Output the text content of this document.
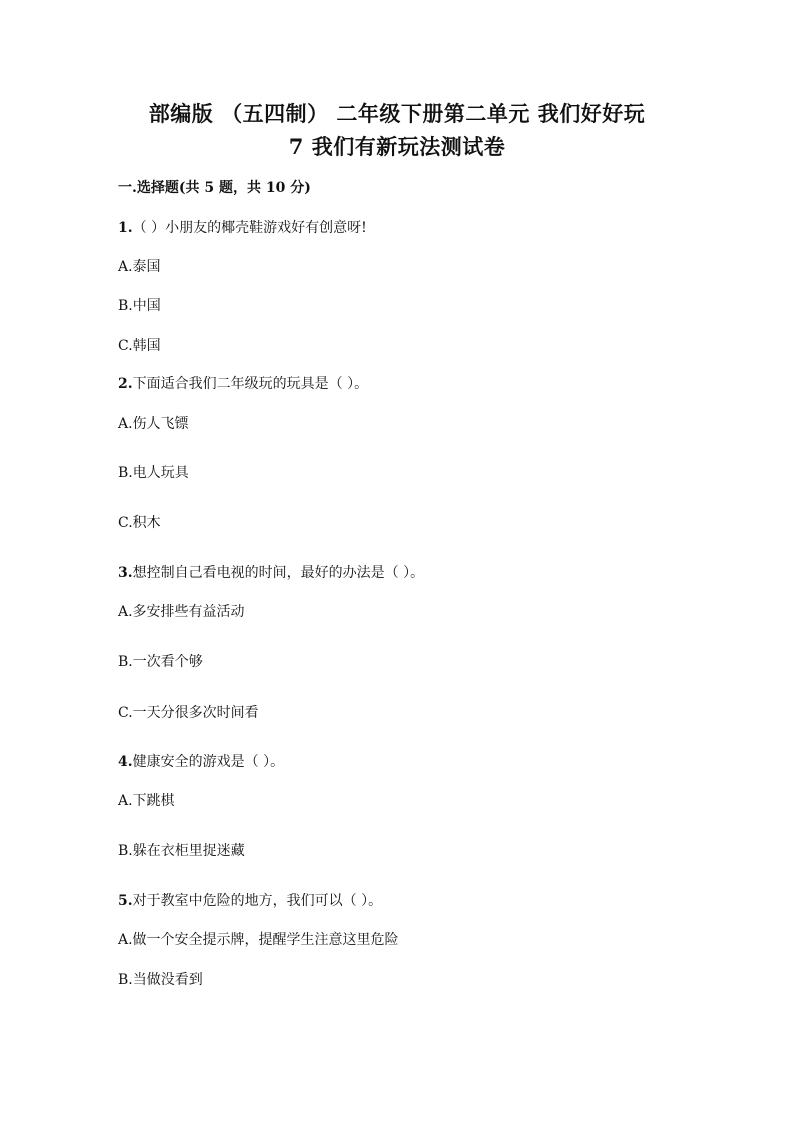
部编版 （五四制） 二年级下册第二单元 我们好好玩
7 我们有新玩法测试卷
一.选择题(共 5 题，共 10 分)
1.（ ）小朋友的椰壳鞋游戏好有创意呀!
A.泰国
B.中国
C.韩国
2.下面适合我们二年级玩的玩具是（ ）。
A.伤人飞镖
B.电人玩具
C.积木
3.想控制自己看电视的时间，最好的办法是（ ）。
A.多安排些有益活动
B.一次看个够
C.一天分很多次时间看
4.健康安全的游戏是（ ）。
A.下跳棋
B.躲在衣柜里捉迷藏
5.对于教室中危险的地方，我们可以（ ）。
A.做一个安全提示牌，提醒学生注意这里危险
B.当做没看到
